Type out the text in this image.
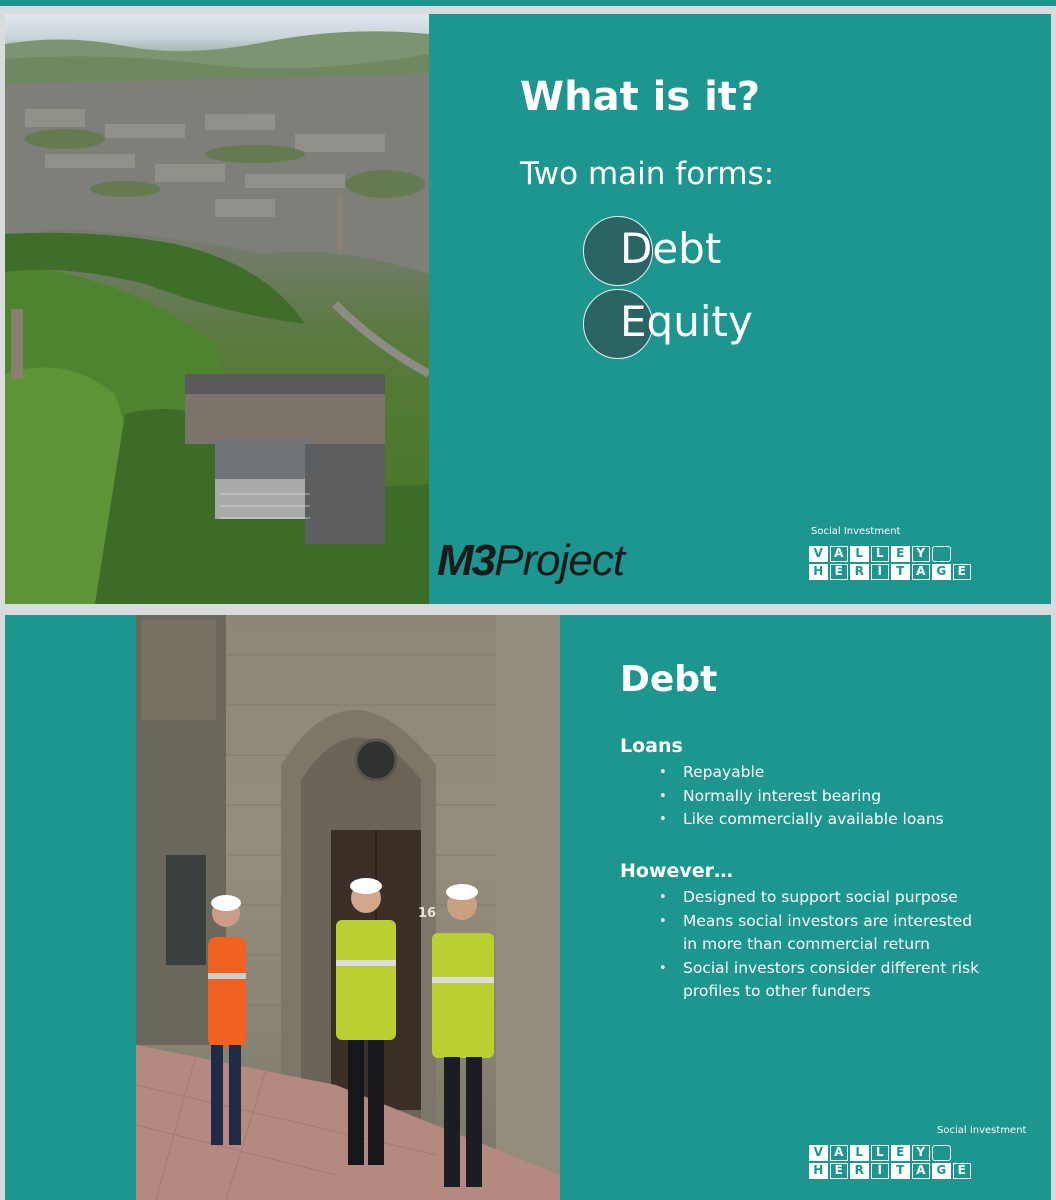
M3Project
What is it?
Two main forms:
Debt
Equity
Social Investment
V A	L	L	E	Y
H E R	I	T A G E
16
Debt
Loans
• Repayable
• Normally interest bearing
• Like commercially available loans
However…
• Designed to support social purpose
• Means social investors are interested in more than commercial return
• Social investors consider different risk profiles to other funders
Social Investment
V A	L	L	E	Y
H E R	I	T A G E
